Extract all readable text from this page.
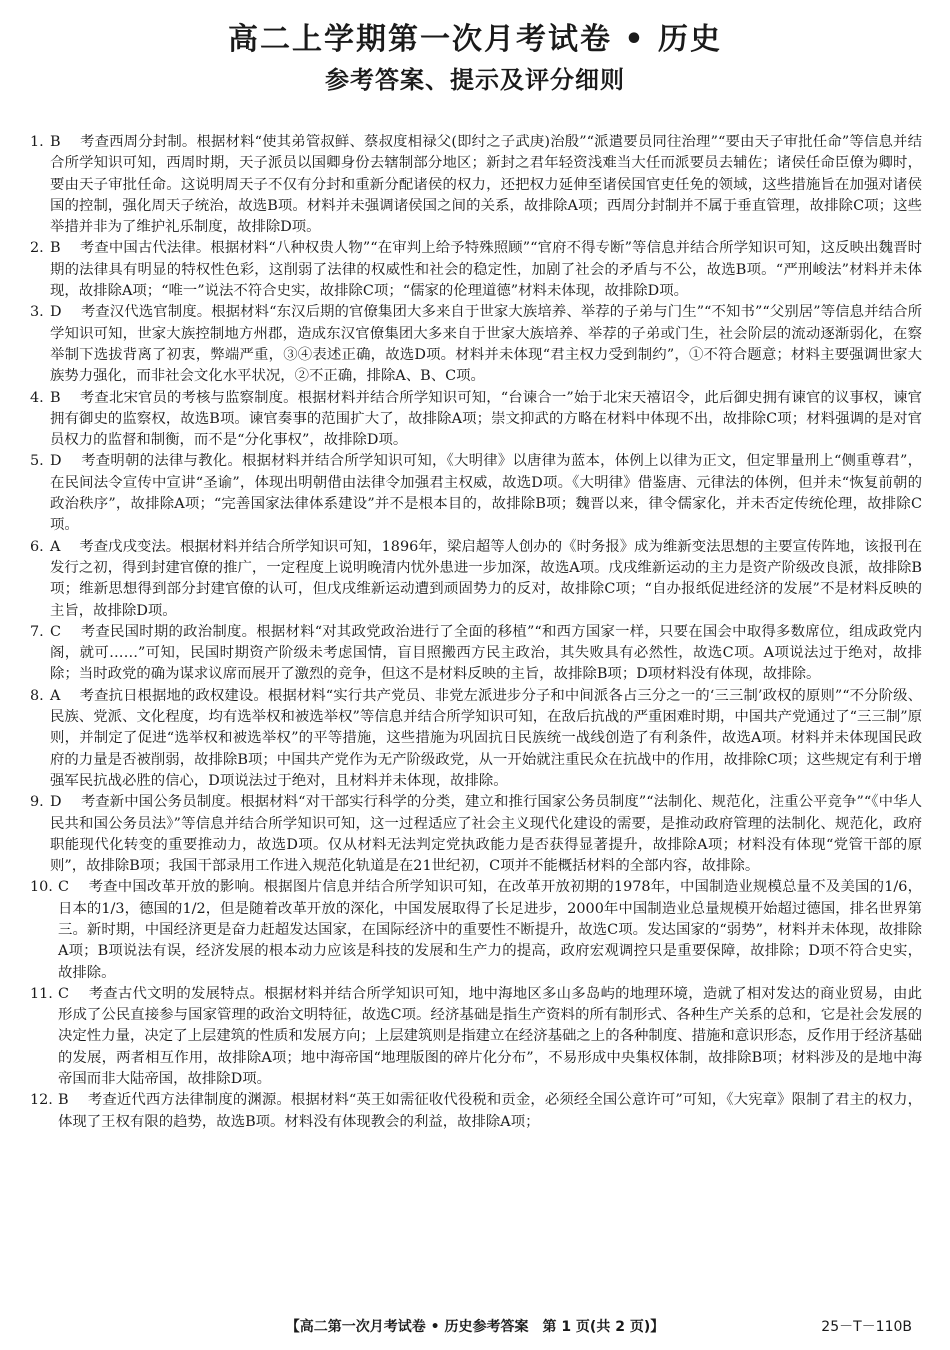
高二上学期第一次月考试卷 • 历史
参考答案、提示及评分细则

1. B　 考查西周分封制。根据材料“使其弟管叔鲜、蔡叔度相禄父(即纣之子武庚)治殷”“派遣要员同往治理”“要由天子审批任命”等信息并结合所学知识可知，西周时期，天子派员以国卿身份去辖制部分地区；新封之君年轻资浅难当大任而派要员去辅佐；诸侯任命臣僚为卿时，要由天子审批任命。这说明周天子不仅有分封和重新分配诸侯的权力，还把权力延伸至诸侯国官吏任免的领域，这些措施旨在加强对诸侯国的控制，强化周天子统治，故选B项。材料并未强调诸侯国之间的关系，故排除A项；西周分封制并不属于垂直管理，故排除C项；这些举措并非为了维护礼乐制度，故排除D项。

2. B　 考查中国古代法律。根据材料“八种权贵人物”“在审判上给予特殊照顾”“官府不得专断”等信息并结合所学知识可知，这反映出魏晋时期的法律具有明显的特权性色彩，这削弱了法律的权威性和社会的稳定性，加剧了社会的矛盾与不公，故选B项。“严刑峻法”材料并未体现，故排除A项；“唯一”说法不符合史实，故排除C项；“儒家的伦理道德”材料未体现，故排除D项。

3. D　 考查汉代选官制度。根据材料“东汉后期的官僚集团大多来自于世家大族培养、举荐的子弟与门生”“不知书”“父别居”等信息并结合所学知识可知，世家大族控制地方州郡，造成东汉官僚集团大多来自于世家大族培养、举荐的子弟或门生，社会阶层的流动逐渐弱化，在察举制下选拔背离了初衷，弊端严重，③④表述正确，故选D项。材料并未体现“君主权力受到制约”，①不符合题意；材料主要强调世家大族势力强化，而非社会文化水平状况，②不正确，排除A、B、C项。

4. B　 考查北宋官员的考核与监察制度。根据材料并结合所学知识可知，“台谏合一”始于北宋天禧诏令，此后御史拥有谏官的议事权，谏官拥有御史的监察权，故选B项。谏官奏事的范围扩大了，故排除A项；崇文抑武的方略在材料中体现不出，故排除C项；材料强调的是对官员权力的监督和制衡，而不是“分化事权”，故排除D项。

5. D　 考查明朝的法律与教化。根据材料并结合所学知识可知，《大明律》以唐律为蓝本，体例上以律为正文，但定罪量刑上“侧重尊君”，在民间法令宣传中宣讲“圣谕”，体现出明朝借由法律令加强君主权威，故选D项。《大明律》借鉴唐、元律法的体例，但并未“恢复前朝的政治秩序”，故排除A项；“完善国家法律体系建设”并不是根本目的，故排除B项；魏晋以来，律令儒家化，并未否定传统伦理，故排除C项。

6. A　 考查戊戌变法。根据材料并结合所学知识可知，1896年，梁启超等人创办的《时务报》成为维新变法思想的主要宣传阵地，该报刊在发行之初，得到封建官僚的推广，一定程度上说明晚清内忧外患进一步加深，故选A项。戊戌维新运动的主力是资产阶级改良派，故排除B项；维新思想得到部分封建官僚的认可，但戊戌维新运动遭到顽固势力的反对，故排除C项；“自办报纸促进经济的发展”不是材料反映的主旨，故排除D项。

7. C　 考查民国时期的政治制度。根据材料“对其政党政治进行了全面的移植”“和西方国家一样，只要在国会中取得多数席位，组成政党内阁，就可……”可知，民国时期资产阶级未考虑国情，盲目照搬西方民主政治，其失败具有必然性，故选C项。A项说法过于绝对，故排除；当时政党的确为谋求议席而展开了激烈的竞争，但这不是材料反映的主旨，故排除B项；D项材料没有体现，故排除。

8. A　 考查抗日根据地的政权建设。根据材料“实行共产党员、非党左派进步分子和中间派各占三分之一的‘三三制’政权的原则”“不分阶级、民族、党派、文化程度，均有选举权和被选举权”等信息并结合所学知识可知，在敌后抗战的严重困难时期，中国共产党通过了“三三制”原则，并制定了促进“选举权和被选举权”的平等措施，这些措施为巩固抗日民族统一战线创造了有利条件，故选A项。材料并未体现国民政府的力量是否被削弱，故排除B项；中国共产党作为无产阶级政党，从一开始就注重民众在抗战中的作用，故排除C项；这些规定有利于增强军民抗战必胜的信心，D项说法过于绝对，且材料并未体现，故排除。

9. D　 考查新中国公务员制度。根据材料“对干部实行科学的分类，建立和推行国家公务员制度”“法制化、规范化，注重公平竞争”“《中华人民共和国公务员法》”等信息并结合所学知识可知，这一过程适应了社会主义现代化建设的需要，是推动政府管理的法制化、规范化，政府职能现代化转变的重要推动力，故选D项。仅从材料无法判定党执政能力是否获得显著提升，故排除A项；材料没有体现“党管干部的原则”，故排除B项；我国干部录用工作进入规范化轨道是在21世纪初，C项并不能概括材料的全部内容，故排除。

10. C　 考查中国改革开放的影响。根据图片信息并结合所学知识可知，在改革开放初期的1978年，中国制造业规模总量不及美国的1/6，日本的1/3，德国的1/2，但是随着改革开放的深化，中国发展取得了长足进步，2000年中国制造业总量规模开始超过德国，排名世界第三。新时期，中国经济更是奋力赶超发达国家，在国际经济中的重要性不断提升，故选C项。发达国家的“弱势”，材料并未体现，故排除A项；B项说法有误，经济发展的根本动力应该是科技的发展和生产力的提高，政府宏观调控只是重要保障，故排除；D项不符合史实，故排除。

11. C　 考查古代文明的发展特点。根据材料并结合所学知识可知，地中海地区多山多岛屿的地理环境，造就了相对发达的商业贸易，由此形成了公民直接参与国家管理的政治文明特征，故选C项。经济基础是指生产资料的所有制形式、各种生产关系的总和，它是社会发展的决定性力量，决定了上层建筑的性质和发展方向；上层建筑则是指建立在经济基础之上的各种制度、措施和意识形态，反作用于经济基础的发展，两者相互作用，故排除A项；地中海帝国“地理版图的碎片化分布”，不易形成中央集权体制，故排除B项；材料涉及的是地中海帝国而非大陆帝国，故排除D项。

12. B　 考查近代西方法律制度的渊源。根据材料“英王如需征收代役税和贡金，必须经全国公意许可”可知，《大宪章》限制了君主的权力，体现了王权有限的趋势，故选B项。材料没有体现教会的利益，故排除A项；

【高二第一次月考试卷 • 历史参考答案　第 1 页(共 2 页)】	25－T－110B
